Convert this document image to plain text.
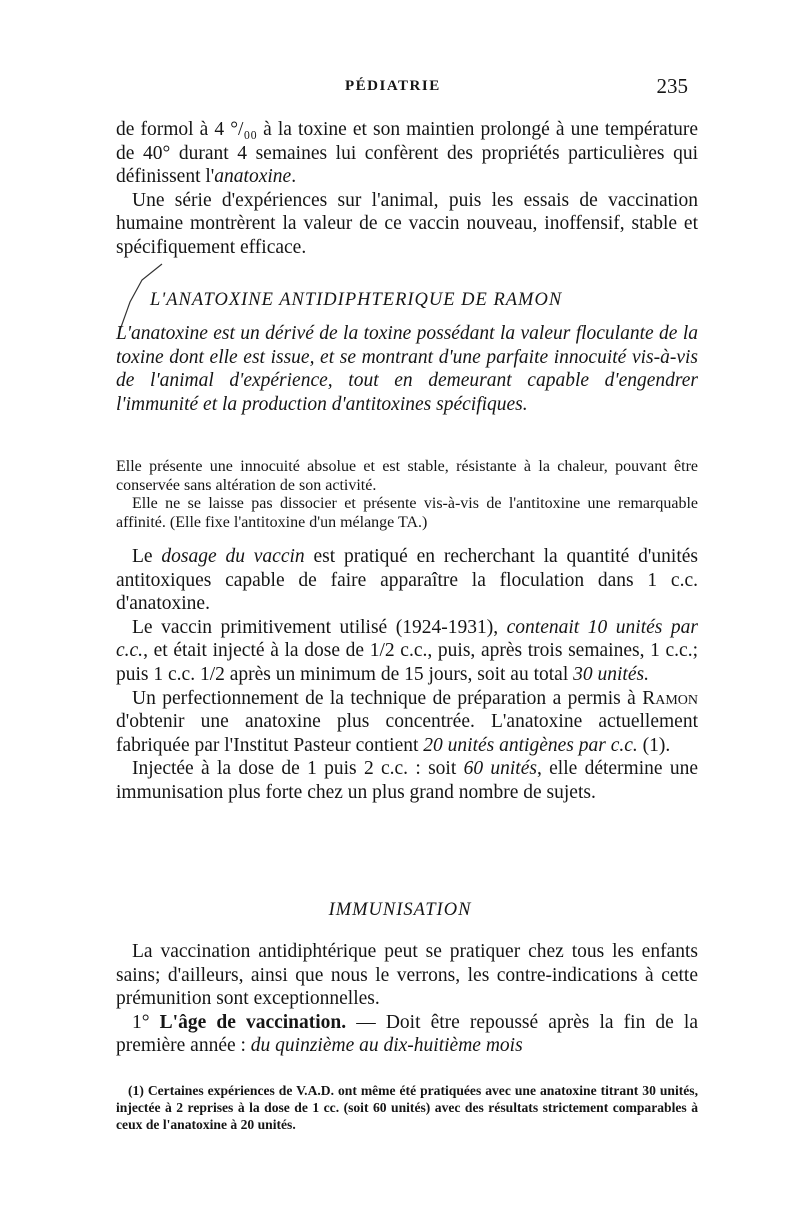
PÉDIATRIE	235

de formol à 4 °/₀₀ à la toxine et son maintien prolongé à une température de 40° durant 4 semaines lui confèrent des propriétés particulières qui définissent l'anatoxine.

Une série d'expériences sur l'animal, puis les essais de vaccination humaine montrèrent la valeur de ce vaccin nouveau, inoffensif, stable et spécifiquement efficace.

L'ANATOXINE ANTIDIPHTERIQUE DE RAMON
L'anatoxine est un dérivé de la toxine possédant la valeur floculante de la toxine dont elle est issue, et se montrant d'une parfaite innocuité vis-à-vis de l'animal d'expérience, tout en demeurant capable d'engendrer l'immunité et la production d'antitoxines spécifiques.

Elle présente une innocuité absolue et est stable, résistante à la chaleur, pouvant être conservée sans altération de son activité.

Elle ne se laisse pas dissocier et présente vis-à-vis de l'antitoxine une remarquable affinité. (Elle fixe l'antitoxine d'un mélange TA.)

Le dosage du vaccin est pratiqué en recherchant la quantité d'unités antitoxiques capable de faire apparaître la floculation dans 1 c.c. d'anatoxine.

Le vaccin primitivement utilisé (1924-1931), contenait 10 unités par c.c., et était injecté à la dose de 1/2 c.c., puis, après trois semaines, 1 c.c.; puis 1 c.c. 1/2 après un minimum de 15 jours, soit au total 30 unités.

Un perfectionnement de la technique de préparation a permis à Ramon d'obtenir une anatoxine plus concentrée. L'anatoxine actuellement fabriquée par l'Institut Pasteur contient 20 unités antigènes par c.c. (1).

Injectée à la dose de 1 puis 2 c.c. : soit 60 unités, elle détermine une immunisation plus forte chez un plus grand nombre de sujets.

IMMUNISATION

La vaccination antidiphtérique peut se pratiquer chez tous les enfants sains; d'ailleurs, ainsi que nous le verrons, les contre-indications à cette prémunition sont exceptionnelles.

1° L'âge de vaccination. — Doit être repoussé après la fin de la première année : du quinzième au dix-huitième mois

(1) Certaines expériences de V.A.D. ont même été pratiquées avec une anatoxine titrant 30 unités, injectée à 2 reprises à la dose de 1 cc. (soit 60 unités) avec des résultats strictement comparables à ceux de l'anatoxine à 20 unités.
